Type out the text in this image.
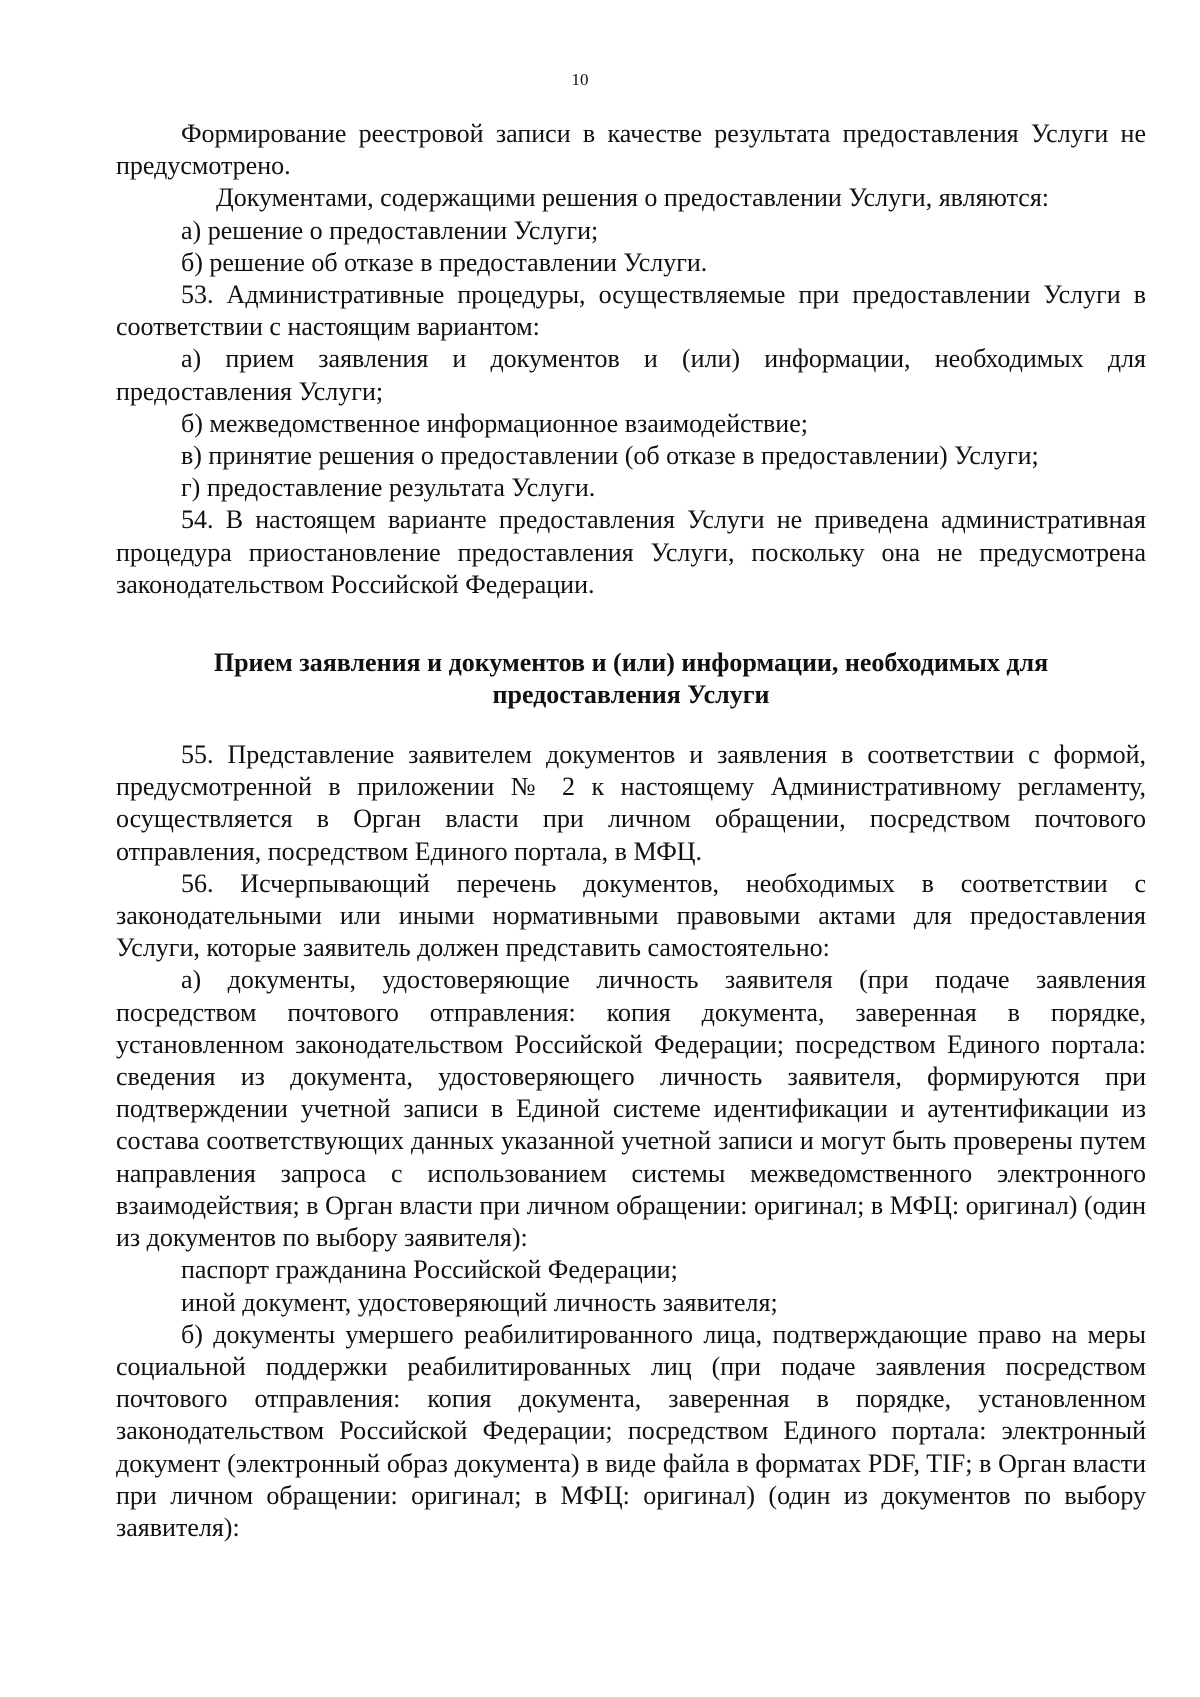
10

Формирование реестровой записи в качестве результата предоставления Услуги не предусмотрено.

Документами, содержащими решения о предоставлении Услуги, являются:

а) решение о предоставлении Услуги;

б) решение об отказе в предоставлении Услуги.

53. Административные процедуры, осуществляемые при предоставлении Услуги в соответствии с настоящим вариантом:

а) прием заявления и документов и (или) информации, необходимых для предоставления Услуги;

б) межведомственное информационное взаимодействие;

в) принятие решения о предоставлении (об отказе в предоставлении) Услуги;

г) предоставление результата Услуги.

54. В настоящем варианте предоставления Услуги не приведена административная процедура приостановление предоставления Услуги, поскольку она не предусмотрена законодательством Российской Федерации.

Прием заявления и документов и (или) информации, необходимых для
предоставления Услуги

55. Представление заявителем документов и заявления в соответствии с формой, предусмотренной в приложении № 2 к настоящему Административному регламенту, осуществляется в Орган власти при личном обращении, посредством почтового отправления, посредством Единого портала, в МФЦ.

56. Исчерпывающий перечень документов, необходимых в соответствии с законодательными или иными нормативными правовыми актами для предоставления Услуги, которые заявитель должен представить самостоятельно:

а) документы, удостоверяющие личность заявителя (при подаче заявления посредством почтового отправления: копия документа, заверенная в порядке, установленном законодательством Российской Федерации; посредством Единого портала: сведения из документа, удостоверяющего личность заявителя, формируются при подтверждении учетной записи в Единой системе идентификации и аутентификации из состава соответствующих данных указанной учетной записи и могут быть проверены путем направления запроса с использованием системы межведомственного электронного взаимодействия; в Орган власти при личном обращении: оригинал; в МФЦ: оригинал) (один из документов по выбору заявителя):

паспорт гражданина Российской Федерации;

иной документ, удостоверяющий личность заявителя;

б) документы умершего реабилитированного лица, подтверждающие право на меры социальной поддержки реабилитированных лиц (при подаче заявления посредством почтового отправления: копия документа, заверенная в порядке, установленном законодательством Российской Федерации; посредством Единого портала: электронный документ (электронный образ документа) в виде файла в форматах PDF, TIF; в Орган власти при личном обращении: оригинал; в МФЦ: оригинал) (один из документов по выбору заявителя):
